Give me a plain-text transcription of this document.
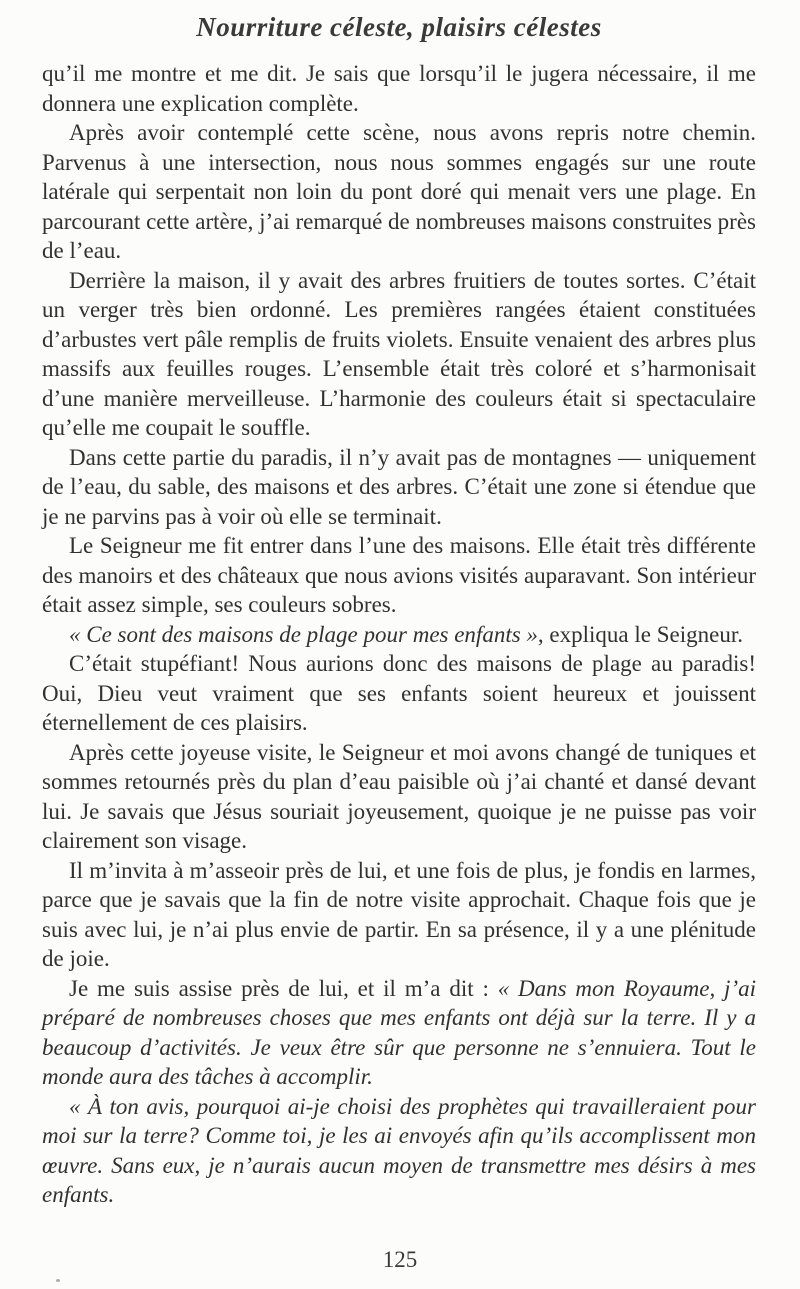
Nourriture céleste, plaisirs célestes

qu’il me montre et me dit. Je sais que lorsqu’il le jugera nécessaire, il me donnera une explication complète.

Après avoir contemplé cette scène, nous avons repris notre chemin. Parvenus à une intersection, nous nous sommes engagés sur une route latérale qui serpentait non loin du pont doré qui menait vers une plage. En parcourant cette artère, j’ai remarqué de nombreuses maisons construites près de l’eau.

Derrière la maison, il y avait des arbres fruitiers de toutes sortes. C’était un verger très bien ordonné. Les premières rangées étaient constituées d’arbustes vert pâle remplis de fruits violets. Ensuite venaient des arbres plus massifs aux feuilles rouges. L’ensemble était très coloré et s’harmonisait d’une manière merveilleuse. L’harmonie des couleurs était si spectaculaire qu’elle me coupait le souffle.

Dans cette partie du paradis, il n’y avait pas de montagnes — uniquement de l’eau, du sable, des maisons et des arbres. C’était une zone si étendue que je ne parvins pas à voir où elle se terminait.

Le Seigneur me fit entrer dans l’une des maisons. Elle était très différente des manoirs et des châteaux que nous avions visités auparavant. Son intérieur était assez simple, ses couleurs sobres.

« Ce sont des maisons de plage pour mes enfants », expliqua le Seigneur.

C’était stupéfiant! Nous aurions donc des maisons de plage au paradis! Oui, Dieu veut vraiment que ses enfants soient heureux et jouissent éternellement de ces plaisirs.

Après cette joyeuse visite, le Seigneur et moi avons changé de tuniques et sommes retournés près du plan d’eau paisible où j’ai chanté et dansé devant lui. Je savais que Jésus souriait joyeusement, quoique je ne puisse pas voir clairement son visage.

Il m’invita à m’asseoir près de lui, et une fois de plus, je fondis en larmes, parce que je savais que la fin de notre visite approchait. Chaque fois que je suis avec lui, je n’ai plus envie de partir. En sa présence, il y a une plénitude de joie.

Je me suis assise près de lui, et il m’a dit : « Dans mon Royaume, j’ai préparé de nombreuses choses que mes enfants ont déjà sur la terre. Il y a beaucoup d’activités. Je veux être sûr que personne ne s’ennuiera. Tout le monde aura des tâches à accomplir.

« À ton avis, pourquoi ai-je choisi des prophètes qui travailleraient pour moi sur la terre? Comme toi, je les ai envoyés afin qu’ils accomplissent mon œuvre. Sans eux, je n’aurais aucun moyen de transmettre mes désirs à mes enfants.

125
